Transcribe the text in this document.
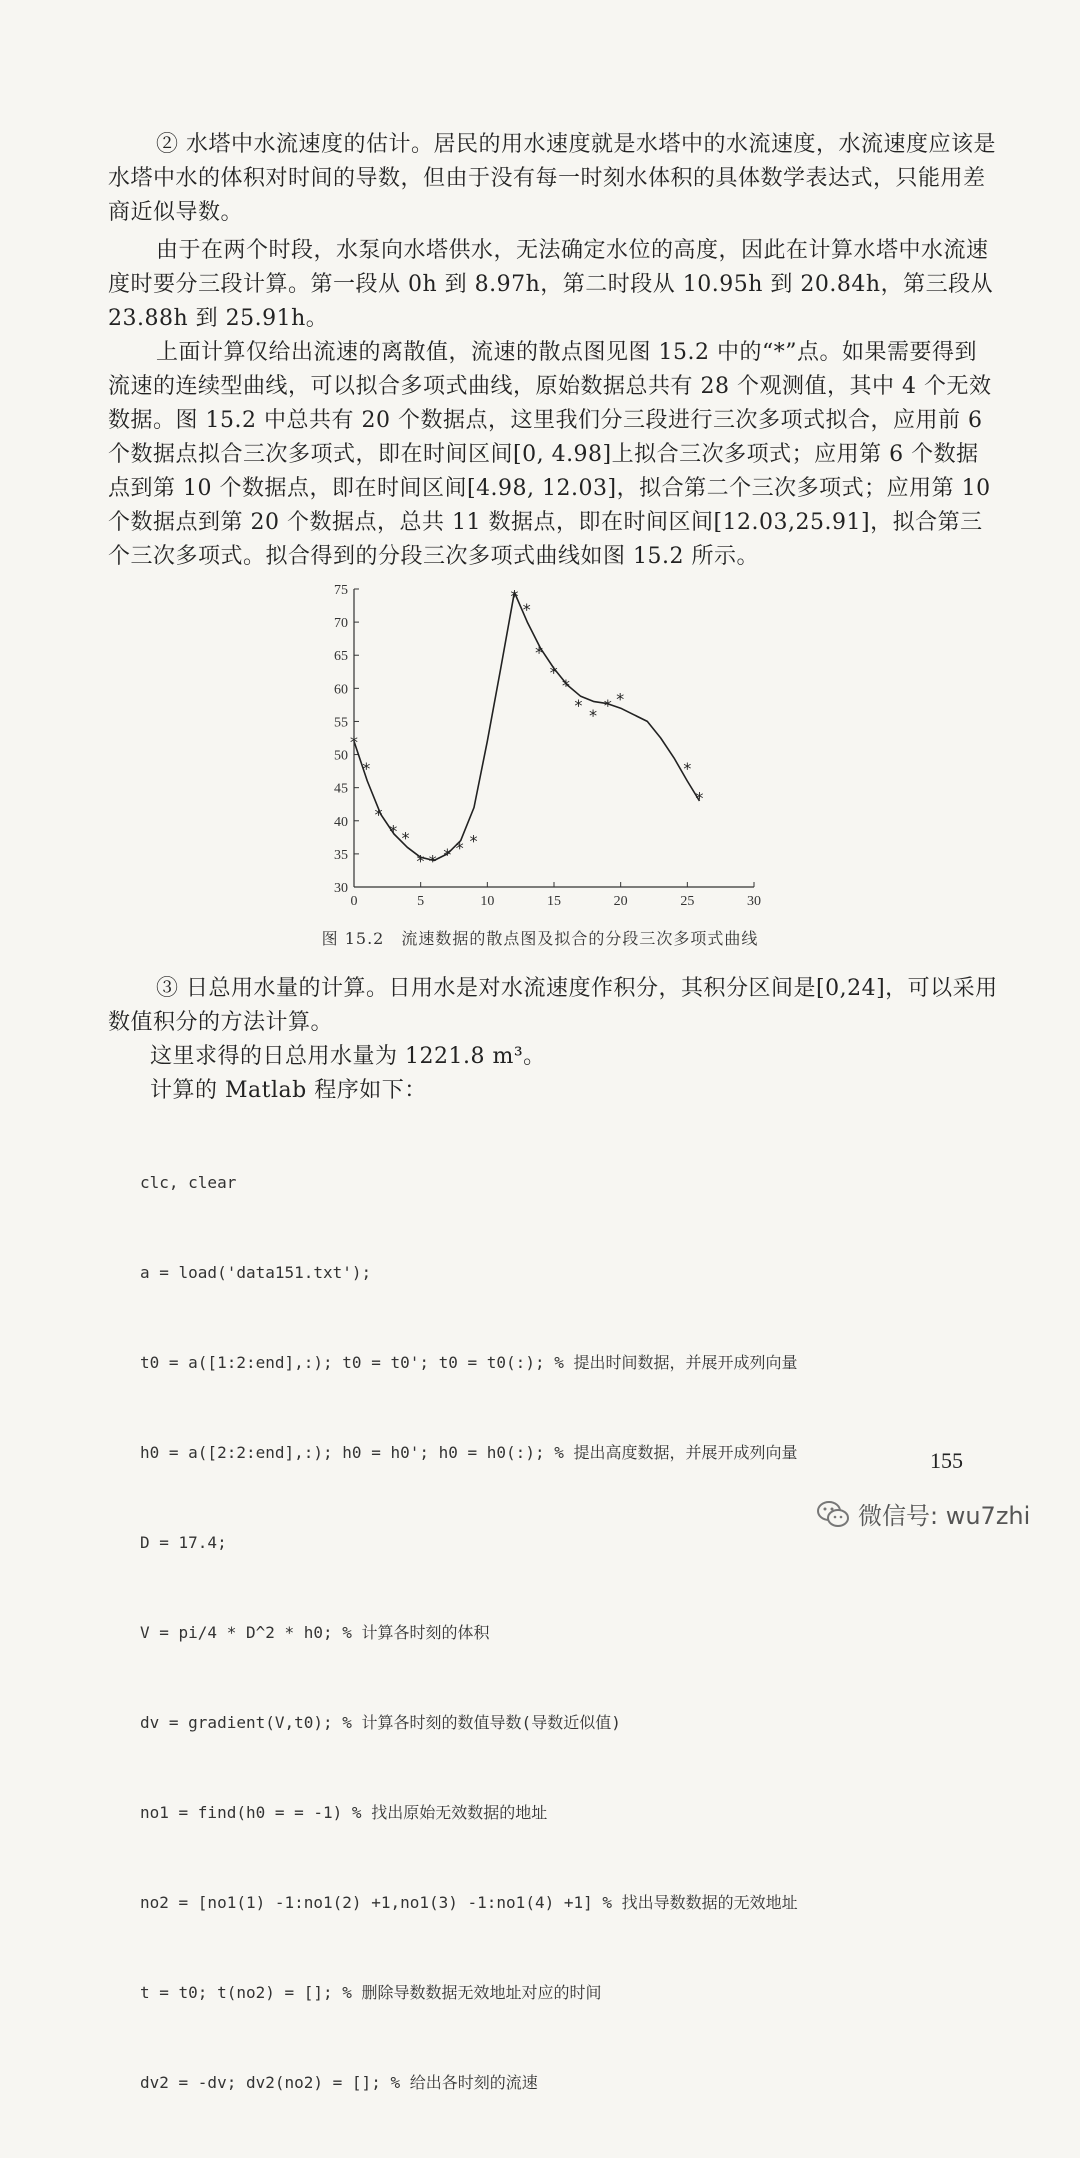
② 水塔中水流速度的估计。居民的用水速度就是水塔中的水流速度，水流速度应该是水塔中水的体积对时间的导数，但由于没有每一时刻水体积的具体数学表达式，只能用差商近似导数。

由于在两个时段，水泵向水塔供水，无法确定水位的高度，因此在计算水塔中水流速度时要分三段计算。第一段从 0h 到 8.97h，第二时段从 10.95h 到 20.84h，第三段从 23.88h 到 25.91h。

上面计算仅给出流速的离散值，流速的散点图见图 15.2 中的“*”点。如果需要得到流速的连续型曲线，可以拟合多项式曲线，原始数据总共有 28 个观测值，其中 4 个无效数据。图 15.2 中总共有 20 个数据点，这里我们分三段进行三次多项式拟合，应用前 6 个数据点拟合三次多项式，即在时间区间[0, 4.98]上拟合三次多项式；应用第 6 个数据点到第 10 个数据点，即在时间区间[4.98, 12.03]，拟合第二个三次多项式；应用第 10 个数据点到第 20 个数据点，总共 11 数据点，即在时间区间[12.03,25.91]，拟合第三个三次多项式。拟合得到的分段三次多项式曲线如图 15.2 所示。

0	5	10	15	20	25	30
30
35
40
45
50
55
60
65
70
75
*
*
*
* *
* * * * *
*
*
*
*
*
*
*
* *
*
*
图 15.2　流速数据的散点图及拟合的分段三次多项式曲线

③ 日总用水量的计算。日用水是对水流速度作积分，其积分区间是[0,24]，可以采用数值积分的方法计算。

这里求得的日总用水量为 1221.8 m³。

计算的 Matlab 程序如下：

clc, clear

a = load('data151.txt');

t0 = a([1:2:end],:); t0 = t0'; t0 = t0(:); % 提出时间数据，并展开成列向量

h0 = a([2:2:end],:); h0 = h0'; h0 = h0(:); % 提出高度数据，并展开成列向量

D = 17.4;

V = pi/4 * D^2 * h0; % 计算各时刻的体积

dv = gradient(V,t0); % 计算各时刻的数值导数(导数近似值)

no1 = find(h0 = = -1) % 找出原始无效数据的地址

no2 = [no1(1) -1:no1(2) +1,no1(3) -1:no1(4) +1] % 找出导数数据的无效地址

t = t0; t(no2) = []; % 删除导数数据无效地址对应的时间

dv2 = -dv; dv2(no2) = []; % 给出各时刻的流速

155
微信号: wu7zhi
